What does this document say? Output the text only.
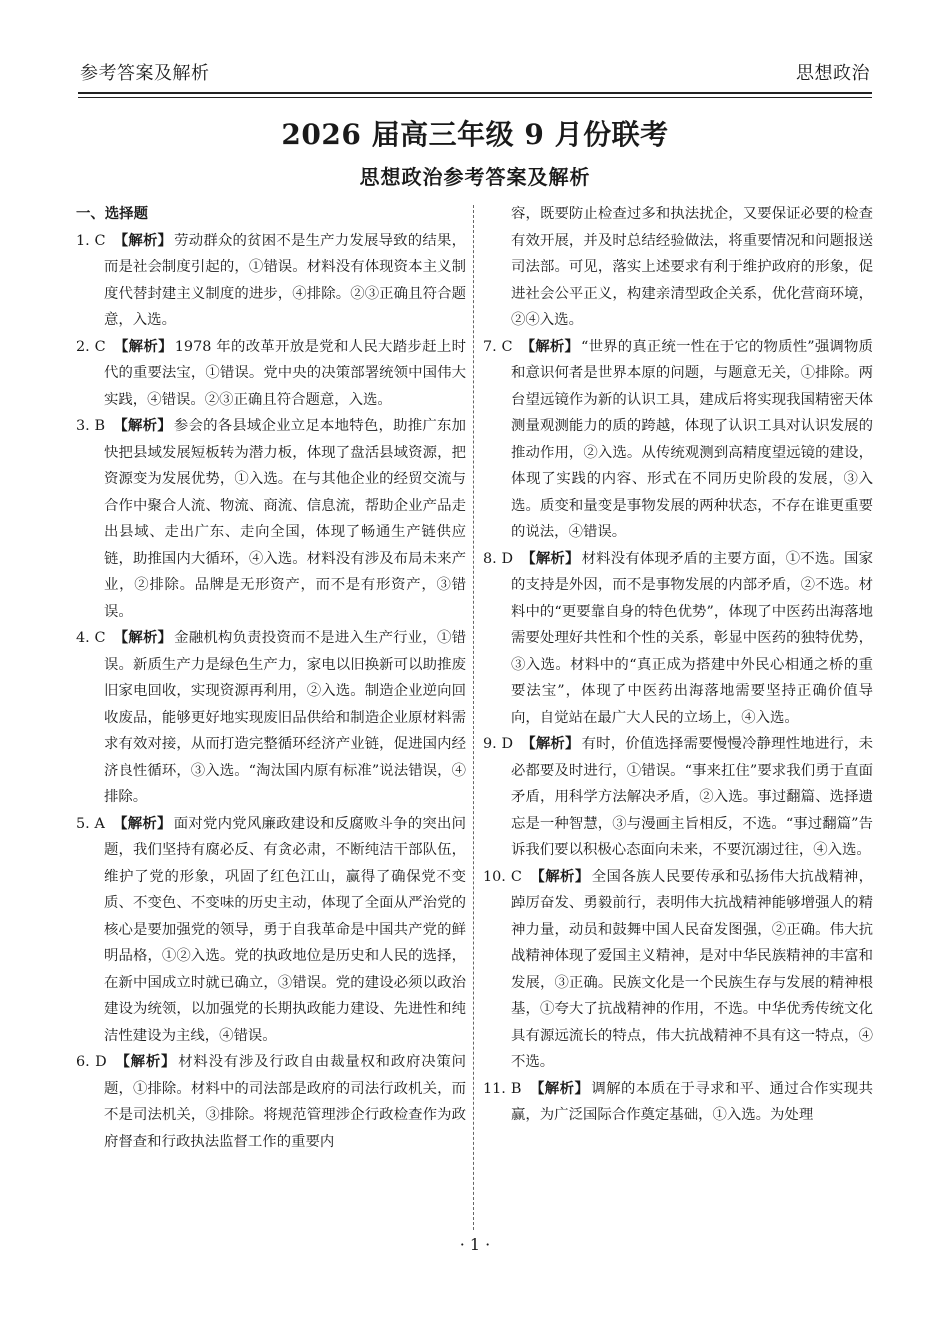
参考答案及解析	思想政治
2026 届高三年级 9 月份联考
思想政治参考答案及解析

一、选择题

1. C 【解析】 劳动群众的贫困不是生产力发展导致的结果，而是社会制度引起的，①错误。材料没有体现资本主义制度代替封建主义制度的进步，④排除。②③正确且符合题意，入选。

2. C 【解析】 1978 年的改革开放是党和人民大踏步赶上时代的重要法宝，①错误。党中央的决策部署统领中国伟大实践，④错误。②③正确且符合题意，入选。

3. B 【解析】 参会的各县域企业立足本地特色，助推广东加快把县域发展短板转为潜力板，体现了盘活县域资源，把资源变为发展优势，①入选。在与其他企业的经贸交流与合作中聚合人流、物流、商流、信息流，帮助企业产品走出县域、走出广东、走向全国，体现了畅通生产链供应链，助推国内大循环，④入选。材料没有涉及布局未来产业，②排除。品牌是无形资产，而不是有形资产，③错误。

4. C 【解析】 金融机构负责投资而不是进入生产行业，①错误。新质生产力是绿色生产力，家电以旧换新可以助推废旧家电回收，实现资源再利用，②入选。制造企业逆向回收废品，能够更好地实现废旧品供给和制造企业原材料需求有效对接，从而打造完整循环经济产业链，促进国内经济良性循环，③入选。“淘汰国内原有标准”说法错误，④排除。

5. A 【解析】 面对党内党风廉政建设和反腐败斗争的突出问题，我们坚持有腐必反、有贪必肃，不断纯洁干部队伍，维护了党的形象，巩固了红色江山，赢得了确保党不变质、不变色、不变味的历史主动，体现了全面从严治党的核心是要加强党的领导，勇于自我革命是中国共产党的鲜明品格，①②入选。党的执政地位是历史和人民的选择，在新中国成立时就已确立，③错误。党的建设必须以政治建设为统领，以加强党的长期执政能力建设、先进性和纯洁性建设为主线，④错误。

6. D 【解析】 材料没有涉及行政自由裁量权和政府决策问题，①排除。材料中的司法部是政府的司法行政机关，而不是司法机关，③排除。将规范管理涉企行政检查作为政府督查和行政执法监督工作的重要内

容，既要防止检查过多和执法扰企，又要保证必要的检查有效开展，并及时总结经验做法，将重要情况和问题报送司法部。可见，落实上述要求有利于维护政府的形象，促进社会公平正义，构建亲清型政企关系，优化营商环境，②④入选。

7. C 【解析】 “世界的真正统一性在于它的物质性”强调物质和意识何者是世界本原的问题，与题意无关，①排除。两台望远镜作为新的认识工具，建成后将实现我国精密天体测量观测能力的质的跨越，体现了认识工具对认识发展的推动作用，②入选。从传统观测到高精度望远镜的建设，体现了实践的内容、形式在不同历史阶段的发展，③入选。质变和量变是事物发展的两种状态，不存在谁更重要的说法，④错误。

8. D 【解析】 材料没有体现矛盾的主要方面，①不选。国家的支持是外因，而不是事物发展的内部矛盾，②不选。材料中的“更要靠自身的特色优势”，体现了中医药出海落地需要处理好共性和个性的关系，彰显中医药的独特优势，③入选。材料中的“真正成为搭建中外民心相通之桥的重要法宝”，体现了中医药出海落地需要坚持正确价值导向，自觉站在最广大人民的立场上，④入选。

9. D 【解析】 有时，价值选择需要慢慢冷静理性地进行，未必都要及时进行，①错误。“事来扛住”要求我们勇于直面矛盾，用科学方法解决矛盾，②入选。事过翻篇、选择遗忘是一种智慧，③与漫画主旨相反，不选。“事过翻篇”告诉我们要以积极心态面向未来，不要沉溺过往，④入选。

10. C 【解析】 全国各族人民要传承和弘扬伟大抗战精神，踔厉奋发、勇毅前行，表明伟大抗战精神能够增强人的精神力量，动员和鼓舞中国人民奋发图强，②正确。伟大抗战精神体现了爱国主义精神，是对中华民族精神的丰富和发展，③正确。民族文化是一个民族生存与发展的精神根基，①夸大了抗战精神的作用，不选。中华优秀传统文化具有源远流长的特点，伟大抗战精神不具有这一特点，④不选。

11. B 【解析】 调解的本质在于寻求和平、通过合作实现共赢，为广泛国际合作奠定基础，①入选。为处理

· 1 ·
